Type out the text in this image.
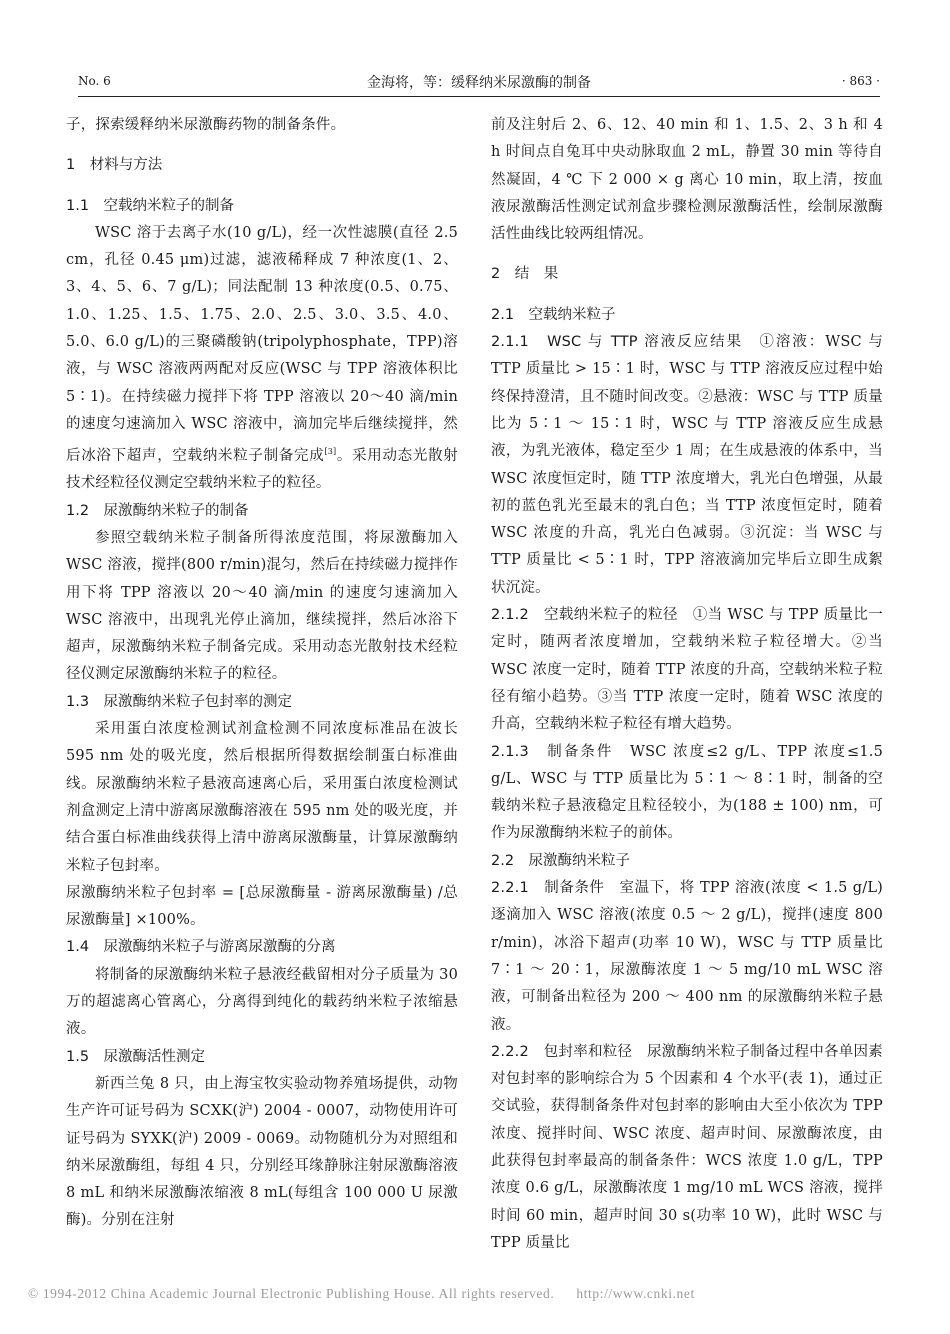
No. 6	金海将，等：缓释纳米尿激酶的制备	· 863 ·

子，探索缓释纳米尿激酶药物的制备条件。

1　材料与方法

1.1　空载纳米粒子的制备

WSC 溶于去离子水(10 g/L)，经一次性滤膜(直径 2.5 cm，孔径 0.45 μm)过滤，滤液稀释成 7 种浓度(1、2、3、4、5、6、7 g/L)；同法配制 13 种浓度(0.5、0.75、1.0、1.25、1.5、1.75、2.0、2.5、3.0、3.5、4.0、5.0、6.0 g/L)的三聚磷酸钠(tripolyphosphate，TPP)溶液，与 WSC 溶液两两配对反应(WSC 与 TPP 溶液体积比 5∶1)。在持续磁力搅拌下将 TPP 溶液以 20～40 滴/min 的速度匀速滴加入 WSC 溶液中，滴加完毕后继续搅拌，然后冰浴下超声，空载纳米粒子制备完成[3]。采用动态光散射技术经粒径仪测定空载纳米粒子的粒径。

1.2　尿激酶纳米粒子的制备

参照空载纳米粒子制备所得浓度范围，将尿激酶加入 WSC 溶液，搅拌(800 r/min)混匀，然后在持续磁力搅拌作用下将 TPP 溶液以 20～40 滴/min 的速度匀速滴加入 WSC 溶液中，出现乳光停止滴加，继续搅拌，然后冰浴下超声，尿激酶纳米粒子制备完成。采用动态光散射技术经粒径仪测定尿激酶纳米粒子的粒径。

1.3　尿激酶纳米粒子包封率的测定

采用蛋白浓度检测试剂盒检测不同浓度标准品在波长 595 nm 处的吸光度，然后根据所得数据绘制蛋白标准曲线。尿激酶纳米粒子悬液高速离心后，采用蛋白浓度检测试剂盒测定上清中游离尿激酶溶液在 595 nm 处的吸光度，并结合蛋白标准曲线获得上清中游离尿激酶量，计算尿激酶纳米粒子包封率。

尿激酶纳米粒子包封率 = [总尿激酶量 - 游离尿激酶量) /总尿激酶量] ×100%。

1.4　尿激酶纳米粒子与游离尿激酶的分离

将制备的尿激酶纳米粒子悬液经截留相对分子质量为 30 万的超滤离心管离心，分离得到纯化的载药纳米粒子浓缩悬液。

1.5　尿激酶活性测定

新西兰兔 8 只，由上海宝牧实验动物养殖场提供，动物生产许可证号码为 SCXK(沪) 2004 - 0007，动物使用许可证号码为 SYXK(沪) 2009 - 0069。动物随机分为对照组和纳米尿激酶组，每组 4 只，分别经耳缘静脉注射尿激酶溶液 8 mL 和纳米尿激酶浓缩液 8 mL(每组含 100 000 U 尿激酶)。分别在注射

前及注射后 2、6、12、40 min 和 1、1.5、2、3 h 和 4 h 时间点自兔耳中央动脉取血 2 mL，静置 30 min 等待自然凝固，4 ℃ 下 2 000 × g 离心 10 min，取上清，按血液尿激酶活性测定试剂盒步骤检测尿激酶活性，绘制尿激酶活性曲线比较两组情况。

2　结　果

2.1　空载纳米粒子

2.1.1　WSC 与 TTP 溶液反应结果　 ①溶液：WSC 与 TTP 质量比 > 15∶1 时，WSC 与 TTP 溶液反应过程中始终保持澄清，且不随时间改变。②悬液：WSC 与 TTP 质量比为 5∶1 ～ 15∶1 时，WSC 与 TTP 溶液反应生成悬液，为乳光液体，稳定至少 1 周；在生成悬液的体系中，当 WSC 浓度恒定时，随 TTP 浓度增大，乳光白色增强，从最初的蓝色乳光至最末的乳白色；当 TTP 浓度恒定时，随着 WSC 浓度的升高，乳光白色减弱。③沉淀：当 WSC 与 TTP 质量比 < 5∶1 时，TPP 溶液滴加完毕后立即生成絮状沉淀。

2.1.2　空载纳米粒子的粒径　 ①当 WSC 与 TPP 质量比一定时，随两者浓度增加，空载纳米粒子粒径增大。②当 WSC 浓度一定时，随着 TTP 浓度的升高，空载纳米粒子粒径有缩小趋势。③当 TTP 浓度一定时，随着 WSC 浓度的升高，空载纳米粒子粒径有增大趋势。

2.1.3　制备条件　 WSC 浓度≤2 g/L、TPP 浓度≤1.5 g/L、WSC 与 TTP 质量比为 5∶1 ～ 8∶1 时，制备的空载纳米粒子悬液稳定且粒径较小，为(188 ± 100) nm，可作为尿激酶纳米粒子的前体。

2.2　尿激酶纳米粒子

2.2.1　制备条件　 室温下，将 TPP 溶液(浓度 < 1.5 g/L)逐滴加入 WSC 溶液(浓度 0.5 ～ 2 g/L)，搅拌(速度 800 r/min)，冰浴下超声(功率 10 W)，WSC 与 TTP 质量比 7∶1 ～ 20∶1，尿激酶浓度 1 ～ 5 mg/10 mL WSC 溶液，可制备出粒径为 200 ～ 400 nm 的尿激酶纳米粒子悬液。

2.2.2　包封率和粒径　 尿激酶纳米粒子制备过程中各单因素对包封率的影响综合为 5 个因素和 4 个水平(表 1)，通过正交试验，获得制备条件对包封率的影响由大至小依次为 TPP 浓度、搅拌时间、WSC 浓度、超声时间、尿激酶浓度，由此获得包封率最高的制备条件：WCS 浓度 1.0 g/L，TPP 浓度 0.6 g/L，尿激酶浓度 1 mg/10 mL WCS 溶液，搅拌时间 60 min，超声时间 30 s(功率 10 W)，此时 WSC 与 TPP 质量比

© 1994-2012 China Academic Journal Electronic Publishing House. All rights reserved. http://www.cnki.net
